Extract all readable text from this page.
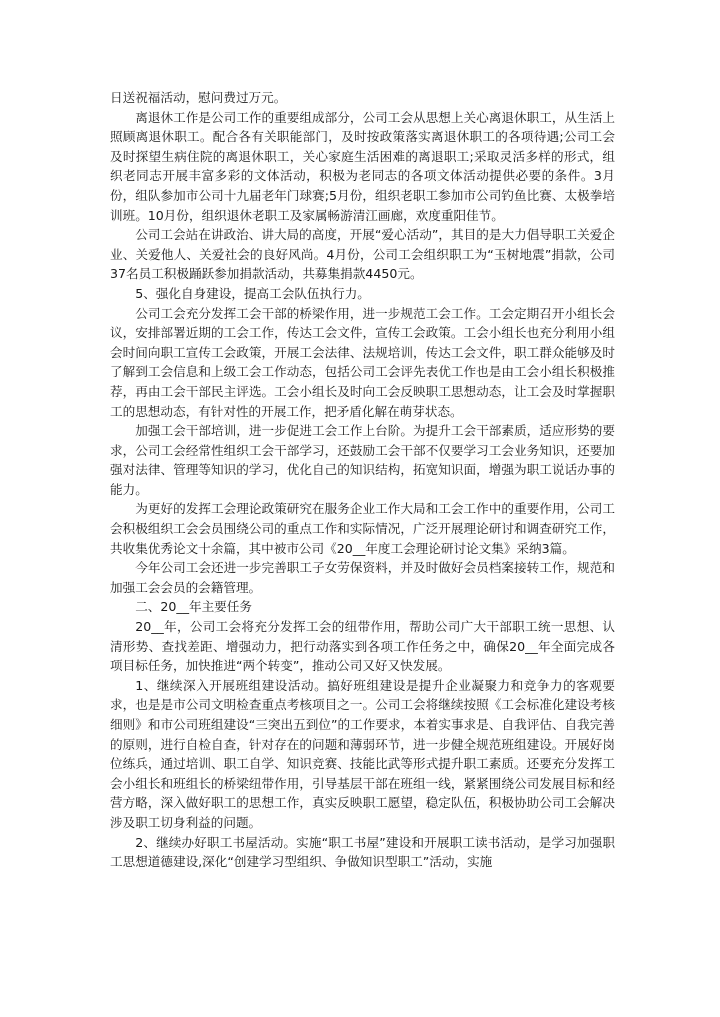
日送祝福活动，慰问费过万元。

离退休工作是公司工作的重要组成部分，公司工会从思想上关心离退休职工，从生活上照顾离退休职工。配合各有关职能部门，及时按政策落实离退休职工的各项待遇;公司工会及时探望生病住院的离退休职工，关心家庭生活困难的离退职工;采取灵活多样的形式，组织老同志开展丰富多彩的文体活动，积极为老同志的各项文体活动提供必要的条件。3月份，组队参加市公司十九届老年门球赛;5月份，组织老职工参加市公司钓鱼比赛、太极拳培训班。10月份，组织退休老职工及家属畅游清江画廊，欢度重阳佳节。

公司工会站在讲政治、讲大局的高度，开展“爱心活动”，其目的是大力倡导职工关爱企业、关爱他人、关爱社会的良好风尚。4月份，公司工会组织职工为“玉树地震”捐款，公司37名员工积极踊跃参加捐款活动，共募集捐款4450元。

5、强化自身建设，提高工会队伍执行力。

公司工会充分发挥工会干部的桥梁作用，进一步规范工会工作。工会定期召开小组长会议，安排部署近期的工会工作，传达工会文件，宣传工会政策。工会小组长也充分利用小组会时间向职工宣传工会政策，开展工会法律、法规培训，传达工会文件，职工群众能够及时了解到工会信息和上级工会工作动态，包括公司工会评先表优工作也是由工会小组长积极推荐，再由工会干部民主评选。工会小组长及时向工会反映职工思想动态，让工会及时掌握职工的思想动态，有针对性的开展工作，把矛盾化解在萌芽状态。

加强工会干部培训，进一步促进工会工作上台阶。为提升工会干部素质，适应形势的要求，公司工会经常性组织工会干部学习，还鼓励工会干部不仅要学习工会业务知识，还要加强对法律、管理等知识的学习，优化自己的知识结构，拓宽知识面，增强为职工说话办事的能力。

为更好的发挥工会理论政策研究在服务企业工作大局和工会工作中的重要作用，公司工会积极组织工会会员围绕公司的重点工作和实际情况，广泛开展理论研讨和调查研究工作，共收集优秀论文十余篇，其中被市公司《20__年度工会理论研讨论文集》采纳3篇。

今年公司工会还进一步完善职工子女劳保资料，并及时做好会员档案接转工作，规范和加强工会会员的会籍管理。

二、20__年主要任务

20__年，公司工会将充分发挥工会的纽带作用，帮助公司广大干部职工统一思想、认清形势、查找差距、增强动力，把行动落实到各项工作任务之中，确保20__年全面完成各项目标任务，加快推进“两个转变”，推动公司又好又快发展。

1、继续深入开展班组建设活动。搞好班组建设是提升企业凝聚力和竞争力的客观要求，也是是市公司文明检查重点考核项目之一。公司工会将继续按照《工会标准化建设考核细则》和市公司班组建设“三突出五到位”的工作要求，本着实事求是、自我评估、自我完善的原则，进行自检自查，针对存在的问题和薄弱环节，进一步健全规范班组建设。开展好岗位练兵，通过培训、职工自学、知识竞赛、技能比武等形式提升职工素质。还要充分发挥工会小组长和班组长的桥梁纽带作用，引导基层干部在班组一线，紧紧围绕公司发展目标和经营方略，深入做好职工的思想工作，真实反映职工愿望，稳定队伍，积极协助公司工会解决涉及职工切身利益的问题。

2、继续办好职工书屋活动。实施“职工书屋”建设和开展职工读书活动，是学习加强职工思想道德建设,深化“创建学习型组织、争做知识型职工”活动，实施
